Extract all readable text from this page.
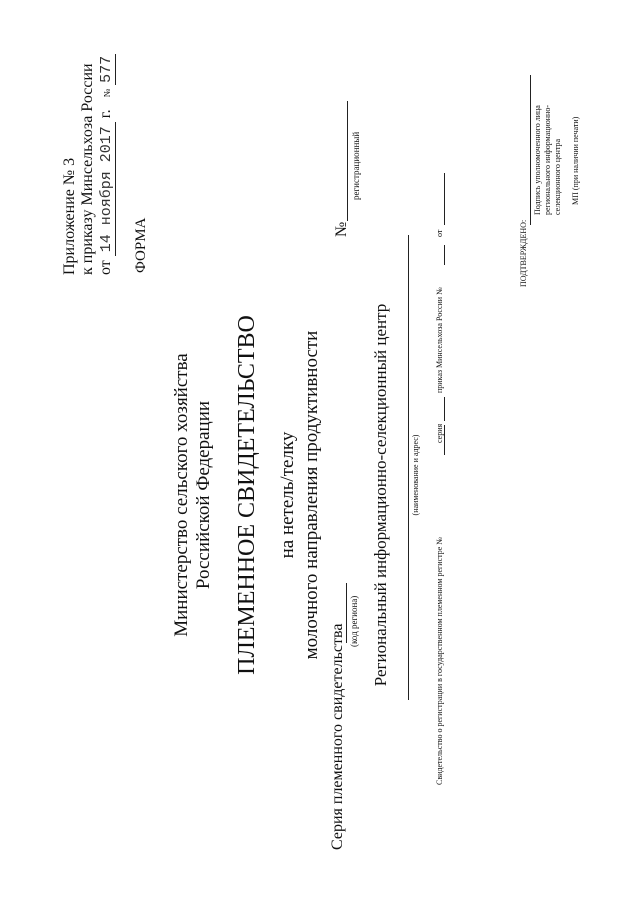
Приложение № 3 к приказу Минсельхоза России от 14 ноября 2017 г.   № 577
ФОРМА
Министерство сельского хозяйства Российской Федерации ПЛЕМЕННОЕ СВИДЕТЕЛЬСТВО на нетель/телку молочного направления продуктивности
Серия племенного свидетельства
(код региона)
№
регистрационный
Региональный информационно-селекционный центр	(наименование и адрес)
Свидетельство о регистрации в государственном племенном регистре №
серия
приказ Минсельхоза России №
от	ПОДТВЕРЖДЕНО:
Подпись уполномоченного лица регионального информационно- селекционного центра МП (при наличии печати)
